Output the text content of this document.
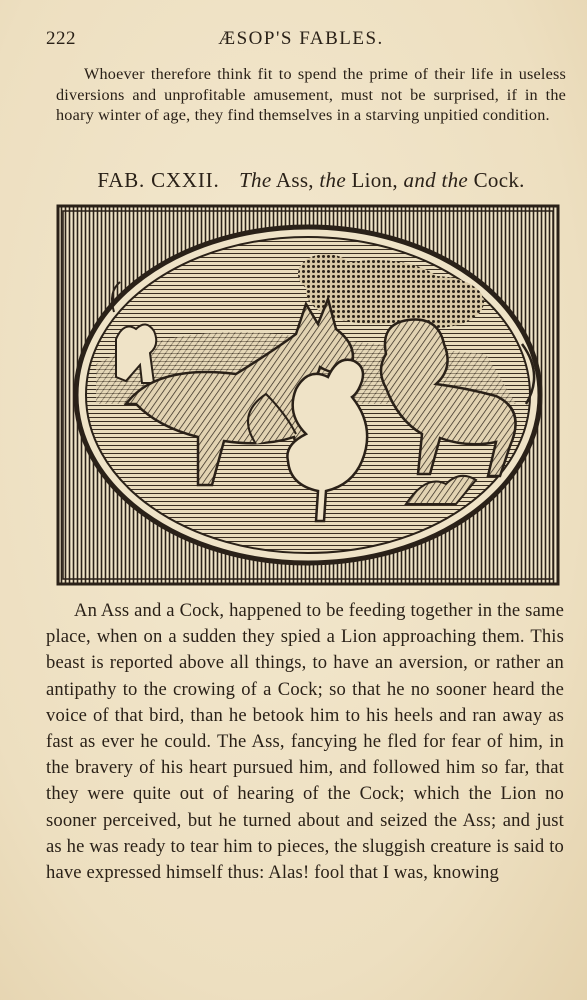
222	ÆSOP'S FABLES.
Whoever therefore think fit to spend the prime of their life in useless diversions and unprofitable amusement, must not be surprised, if in the hoary winter of age, they find themselves in a starving unpitied condition.
FAB. CXXII. The Ass, the Lion, and the Cock.

An Ass and a Cock, happened to be feeding together in the same place, when on a sudden they spied a Lion approaching them. This beast is reported above all things, to have an aversion, or rather an antipathy to the crowing of a Cock; so that he no sooner heard the voice of that bird, than he betook him to his heels and ran away as fast as ever he could. The Ass, fancying he fled for fear of him, in the bravery of his heart pursued him, and followed him so far, that they were quite out of hearing of the Cock; which the Lion no sooner perceived, but he turned about and seized the Ass; and just as he was ready to tear him to pieces, the sluggish creature is said to have expressed himself thus: Alas! fool that I was, knowing
